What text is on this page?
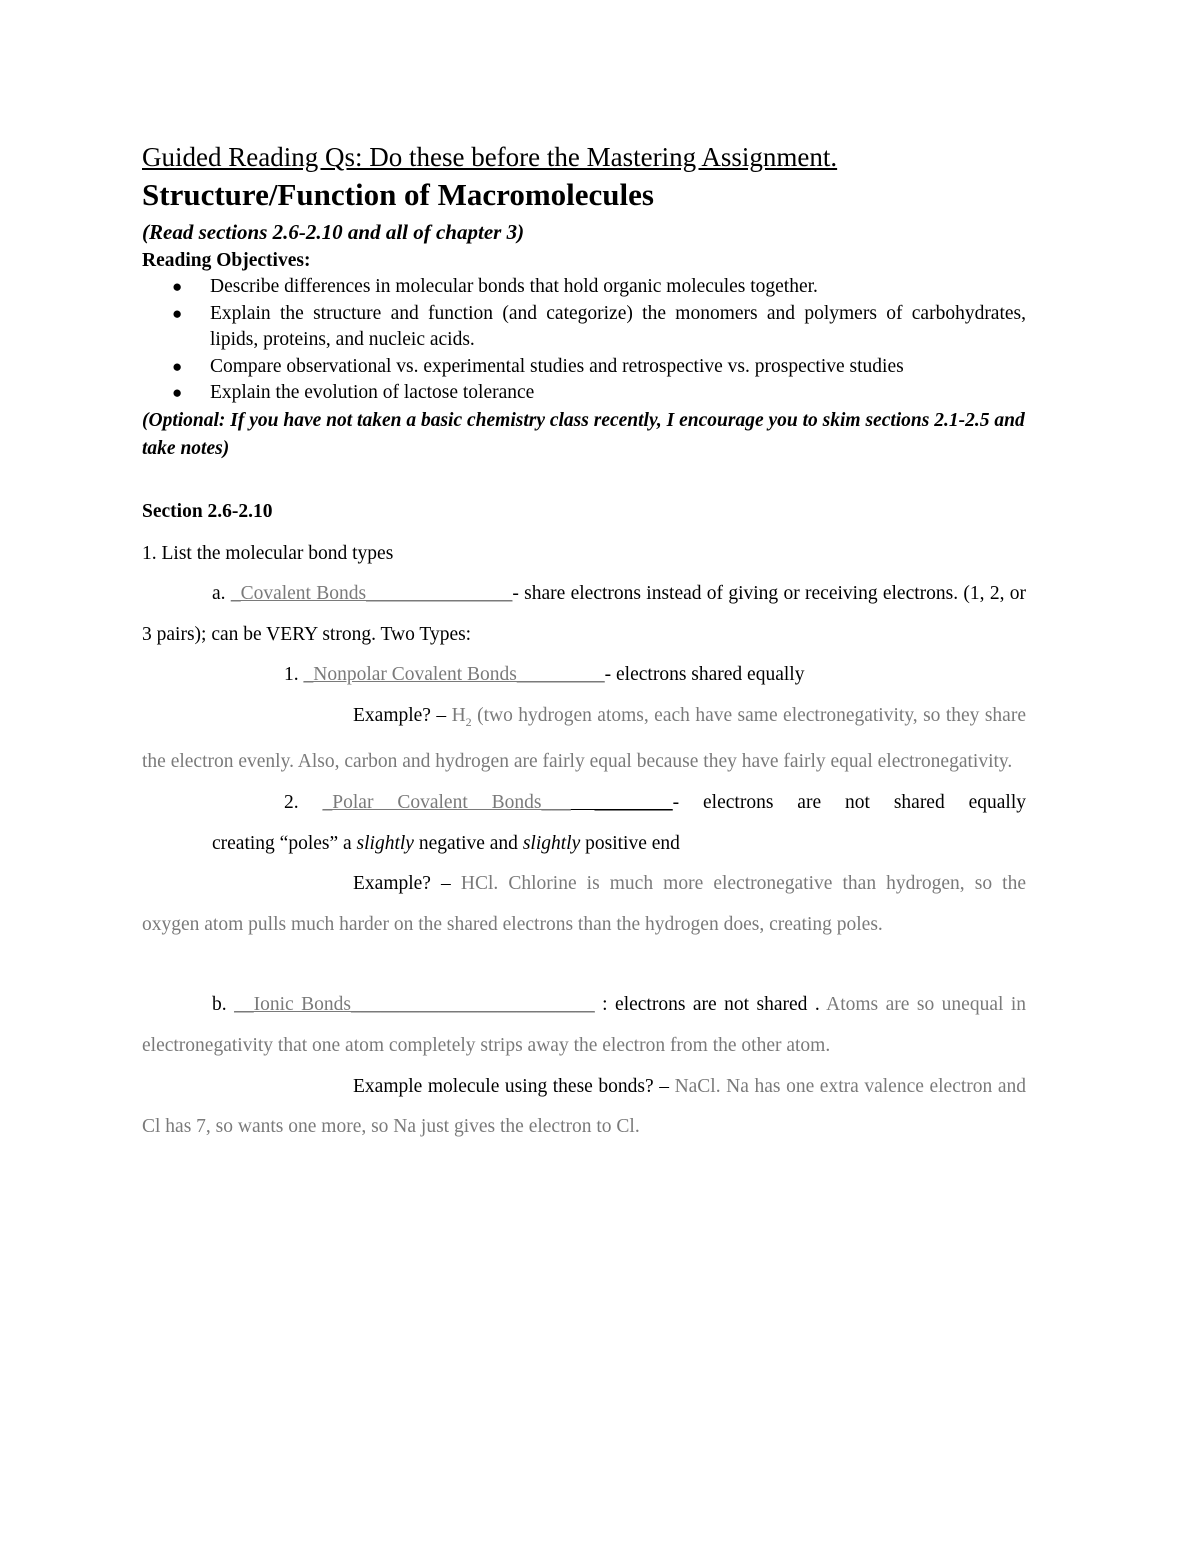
Guided Reading Qs: Do these before the Mastering Assignment.
Structure/Function of Macromolecules
(Read sections 2.6-2.10 and all of chapter 3)
Reading Objectives:
● Describe differences in molecular bonds that hold organic molecules together.
● Explain the structure and function (and categorize) the monomers and polymers of carbohydrates, lipids, proteins, and nucleic acids.
● Compare observational vs. experimental studies and retrospective vs. prospective studies
● Explain the evolution of lactose tolerance
(Optional: If you have not taken a basic chemistry class recently, I encourage you to skim sections 2.1-2.5 and take notes)
Section 2.6-2.10
1. List the molecular bond types
a. _Covalent Bonds_______________- share electrons instead of giving or receiving electrons. (1, 2, or 3 pairs); can be VERY strong. Two Types:
1. _Nonpolar Covalent Bonds_________- electrons shared equally
Example? – $H_2$ (two hydrogen atoms, each have same electronegativity, so they share the electron evenly. Also, carbon and hydrogen are fairly equal because they have fairly equal electronegativity.
2. _Polar Covalent Bonds___ ________- electrons are not shared equally
creating “poles” a slightly negative and slightly positive end
Example? – HCl. Chlorine is much more electronegative than hydrogen, so the oxygen atom pulls much harder on the shared electrons than the hydrogen does, creating poles.
b. __Ionic Bonds_________________________ : electrons are not shared . Atoms are so unequal in electronegativity that one atom completely strips away the electron from the other atom.
Example molecule using these bonds? – NaCl. Na has one extra valence electron and Cl has 7, so wants one more, so Na just gives the electron to Cl.
